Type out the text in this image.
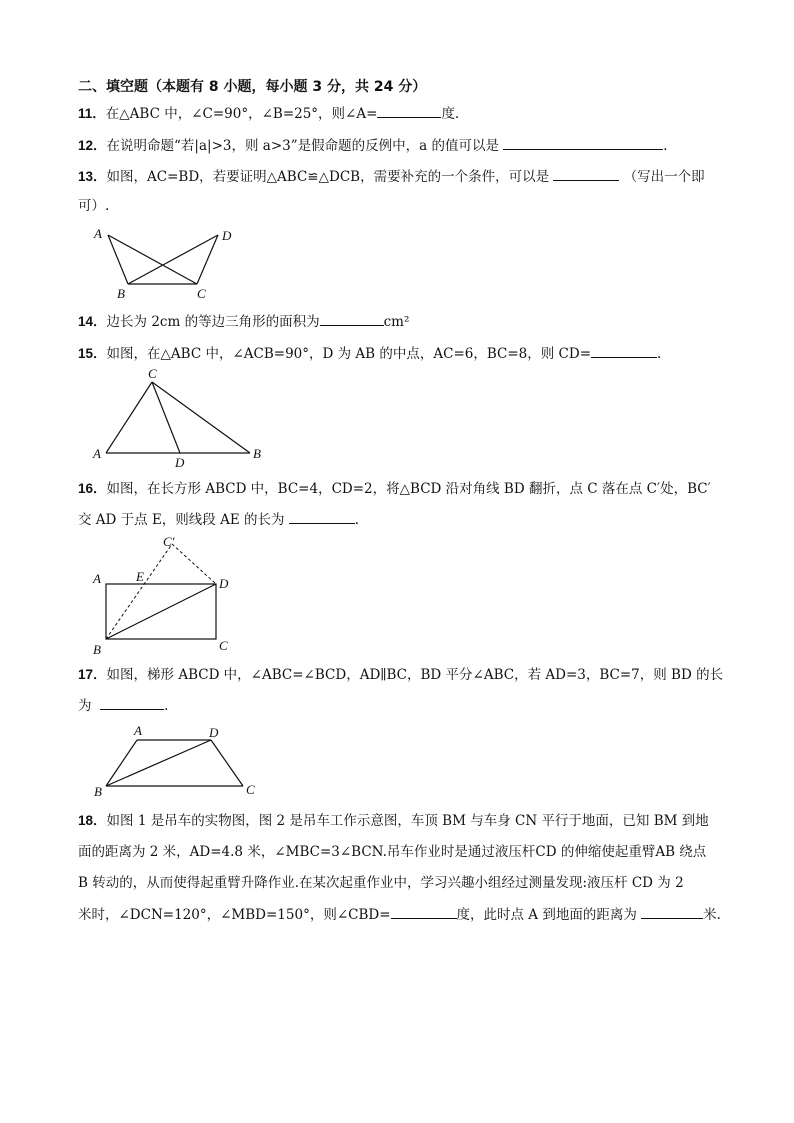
二、填空题（本题有 8 小题，每小题 3 分，共 24 分）
11．在△ABC 中，∠C=90°，∠B=25°，则∠A=	度.
12．在说明命题“若|a|>3，则 a>3”是假命题的反例中，a 的值可以是	.
13．如图，AC=BD，若要证明△ABC≌△DCB，需要补充的一个条件，可以是	（写出一个即
可）.
A
B	C
D
14．边长为 2cm 的等边三角形的面积为	cm²
15．如图，在△ABC 中，∠ACB=90°，D 为 AB 的中点，AC=6，BC=8，则 CD=	.
A
C
D
B
16．如图，在长方形 ABCD 中，BC=4，CD=2，将△BCD 沿对角线 BD 翻折，点 C 落在点 C′处，BC′
交 AD 于点 E，则线段 AE 的长为	.
A	E	D
B	C
C′
17．如图，梯形 ABCD 中，∠ABC=∠BCD，AD∥BC，BD 平分∠ABC，若 AD=3，BC=7，则 BD 的长
为	.
A	D
B	C
18．如图 1 是吊车的实物图，图 2 是吊车工作示意图，车顶 BM 与车身 CN 平行于地面，已知 BM 到地
面的距离为 2 米，AD=4.8 米，∠MBC=3∠BCN.吊车作业时是通过液压杆CD 的伸缩使起重臂AB 绕点
B 转动的，从而使得起重臂升降作业.在某次起重作业中，学习兴趣小组经过测量发现:液压杆 CD 为 2
米时，∠DCN=120°，∠MBD=150°，则∠CBD=	度，此时点 A 到地面的距离为	米.
